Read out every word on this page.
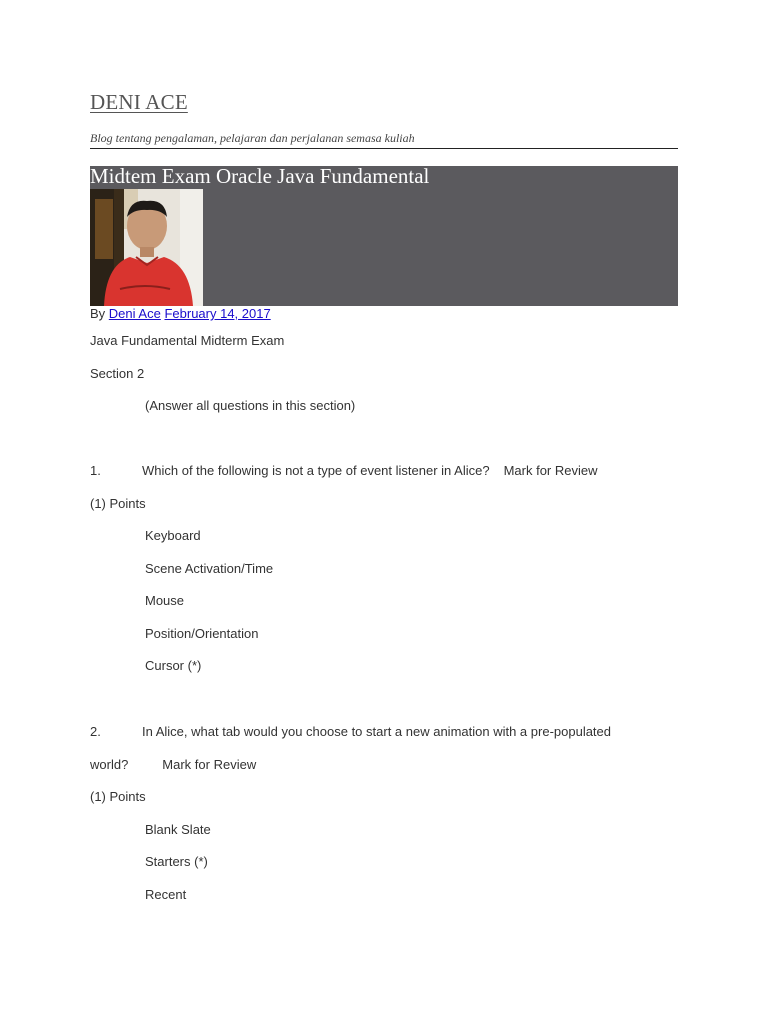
DENI ACE
Blog tentang pengalaman, pelajaran dan perjalanan semasa kuliah
Midtem Exam Oracle Java Fundamental
By Deni Ace February 14, 2017
Java Fundamental Midterm Exam
Section 2
(Answer all questions in this section)
1.	Which of the following is not a type of event listener in Alice? Mark for Review
(1) Points
Keyboard
Scene Activation/Time
Mouse
Position/Orientation
Cursor (*)
2.	In Alice, what tab would you choose to start a new animation with a pre-populated
world?	Mark for Review
(1) Points
Blank Slate
Starters (*)
Recent
